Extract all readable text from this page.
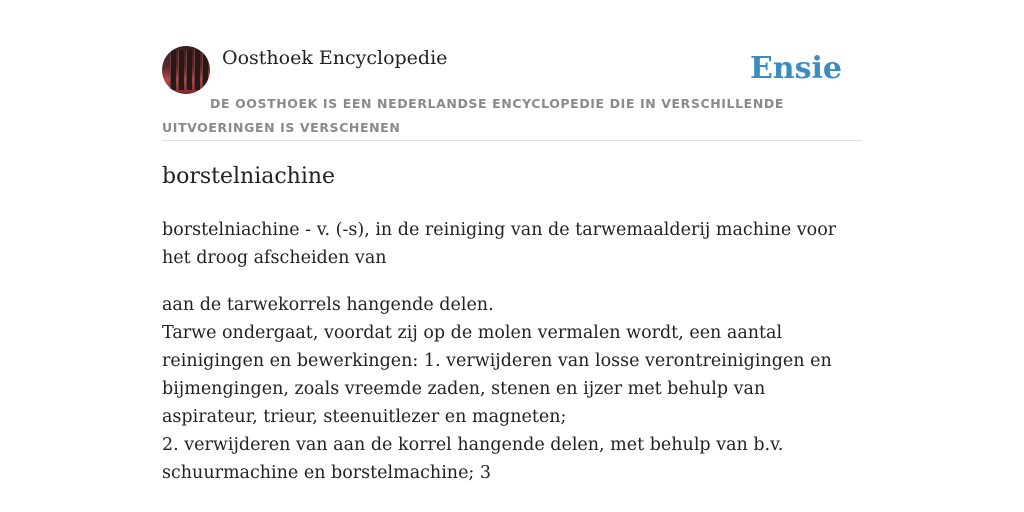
Oosthoek Encyclopedie	Ensie
DE OOSTHOEK IS EEN NEDERLANDSE ENCYCLOPEDIE DIE IN VERSCHILLENDE UITVOERINGEN IS VERSCHENEN
borstelniachine

borstelniachine - v. (-s), in de reiniging van de tarwemaalderij machine voor het droog afscheiden van

aan de tarwekorrels hangende delen.
Tarwe ondergaat, voordat zij op de molen vermalen wordt, een aantal reinigingen en bewerkingen: 1. verwijderen van losse verontreinigingen en bijmengingen, zoals vreemde zaden, stenen en ijzer met behulp van aspirateur, trieur, steenuitlezer en magneten;
2. verwijderen van aan de korrel hangende delen, met behulp van b.v. schuurmachine en borstelmachine; 3
